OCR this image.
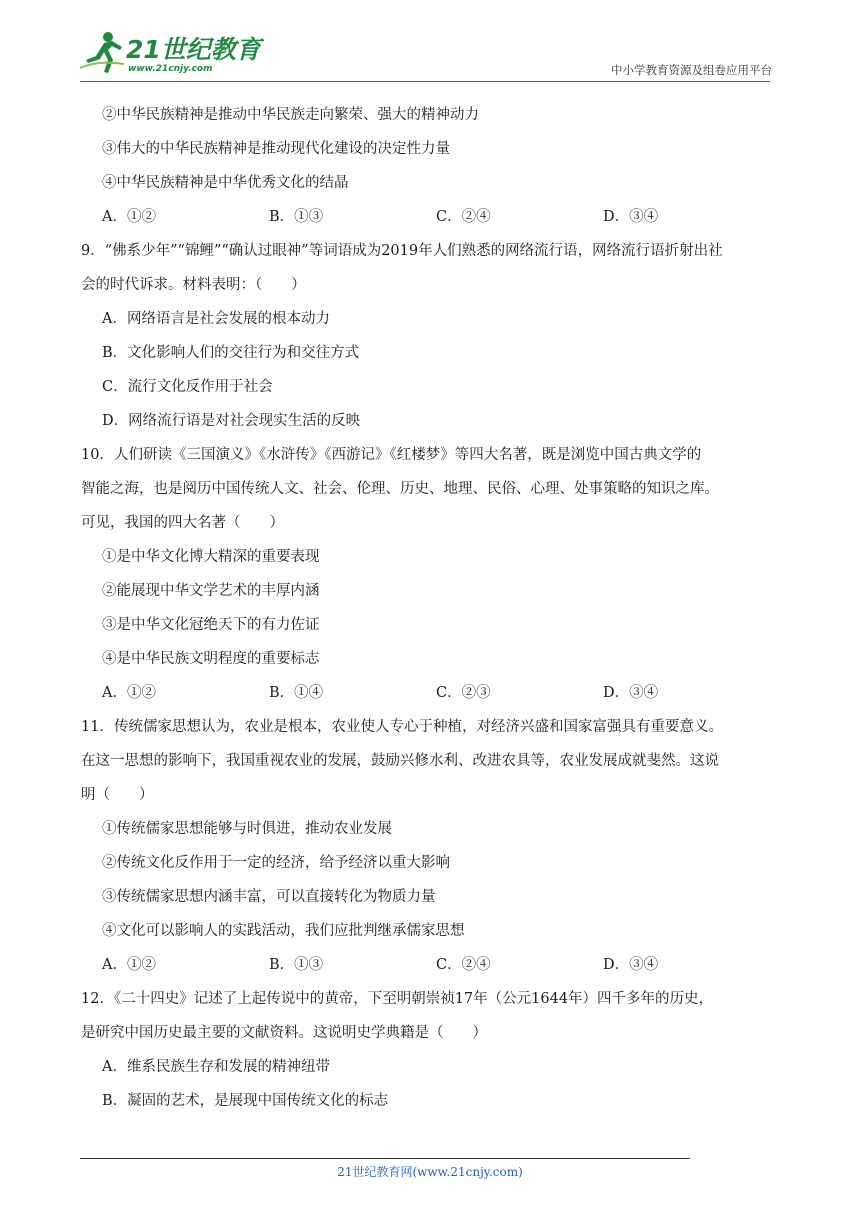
21世纪教育
www.21cnjy.com	中小学教育资源及组卷应用平台
②中华民族精神是推动中华民族走向繁荣、强大的精神动力
③伟大的中华民族精神是推动现代化建设的决定性力量
④中华民族精神是中华优秀文化的结晶
A．①②	B．①③	C．②④	D．③④
9．“佛系少年”“锦鲤”“确认过眼神”等词语成为2019年人们熟悉的网络流行语，网络流行语折射出社
会的时代诉求。材料表明：（　　）
A．网络语言是社会发展的根本动力
B．文化影响人们的交往行为和交往方式
C．流行文化反作用于社会
D．网络流行语是对社会现实生活的反映
10．人们研读《三国演义》《水浒传》《西游记》《红楼梦》等四大名著，既是浏览中国古典文学的
智能之海，也是阅历中国传统人文、社会、伦理、历史、地理、民俗、心理、处事策略的知识之库。
可见，我国的四大名著（　　）
①是中华文化博大精深的重要表现
②能展现中华文学艺术的丰厚内涵
③是中华文化冠绝天下的有力佐证
④是中华民族文明程度的重要标志
A．①②	B．①④	C．②③	D．③④
11．传统儒家思想认为，农业是根本，农业使人专心于种植，对经济兴盛和国家富强具有重要意义。
在这一思想的影响下，我国重视农业的发展，鼓励兴修水利、改进农具等，农业发展成就斐然。这说
明（　　）
①传统儒家思想能够与时俱进，推动农业发展
②传统文化反作用于一定的经济，给予经济以重大影响
③传统儒家思想内涵丰富，可以直接转化为物质力量
④文化可以影响人的实践活动，我们应批判继承儒家思想
A．①②	B．①③	C．②④	D．③④
12．《二十四史》记述了上起传说中的黄帝，下至明朝崇祯17年（公元1644年）四千多年的历史，
是研究中国历史最主要的文献资料。这说明史学典籍是（　　）
A．维系民族生存和发展的精神纽带
B．凝固的艺术，是展现中国传统文化的标志
21世纪教育网(www.21cnjy.com)
